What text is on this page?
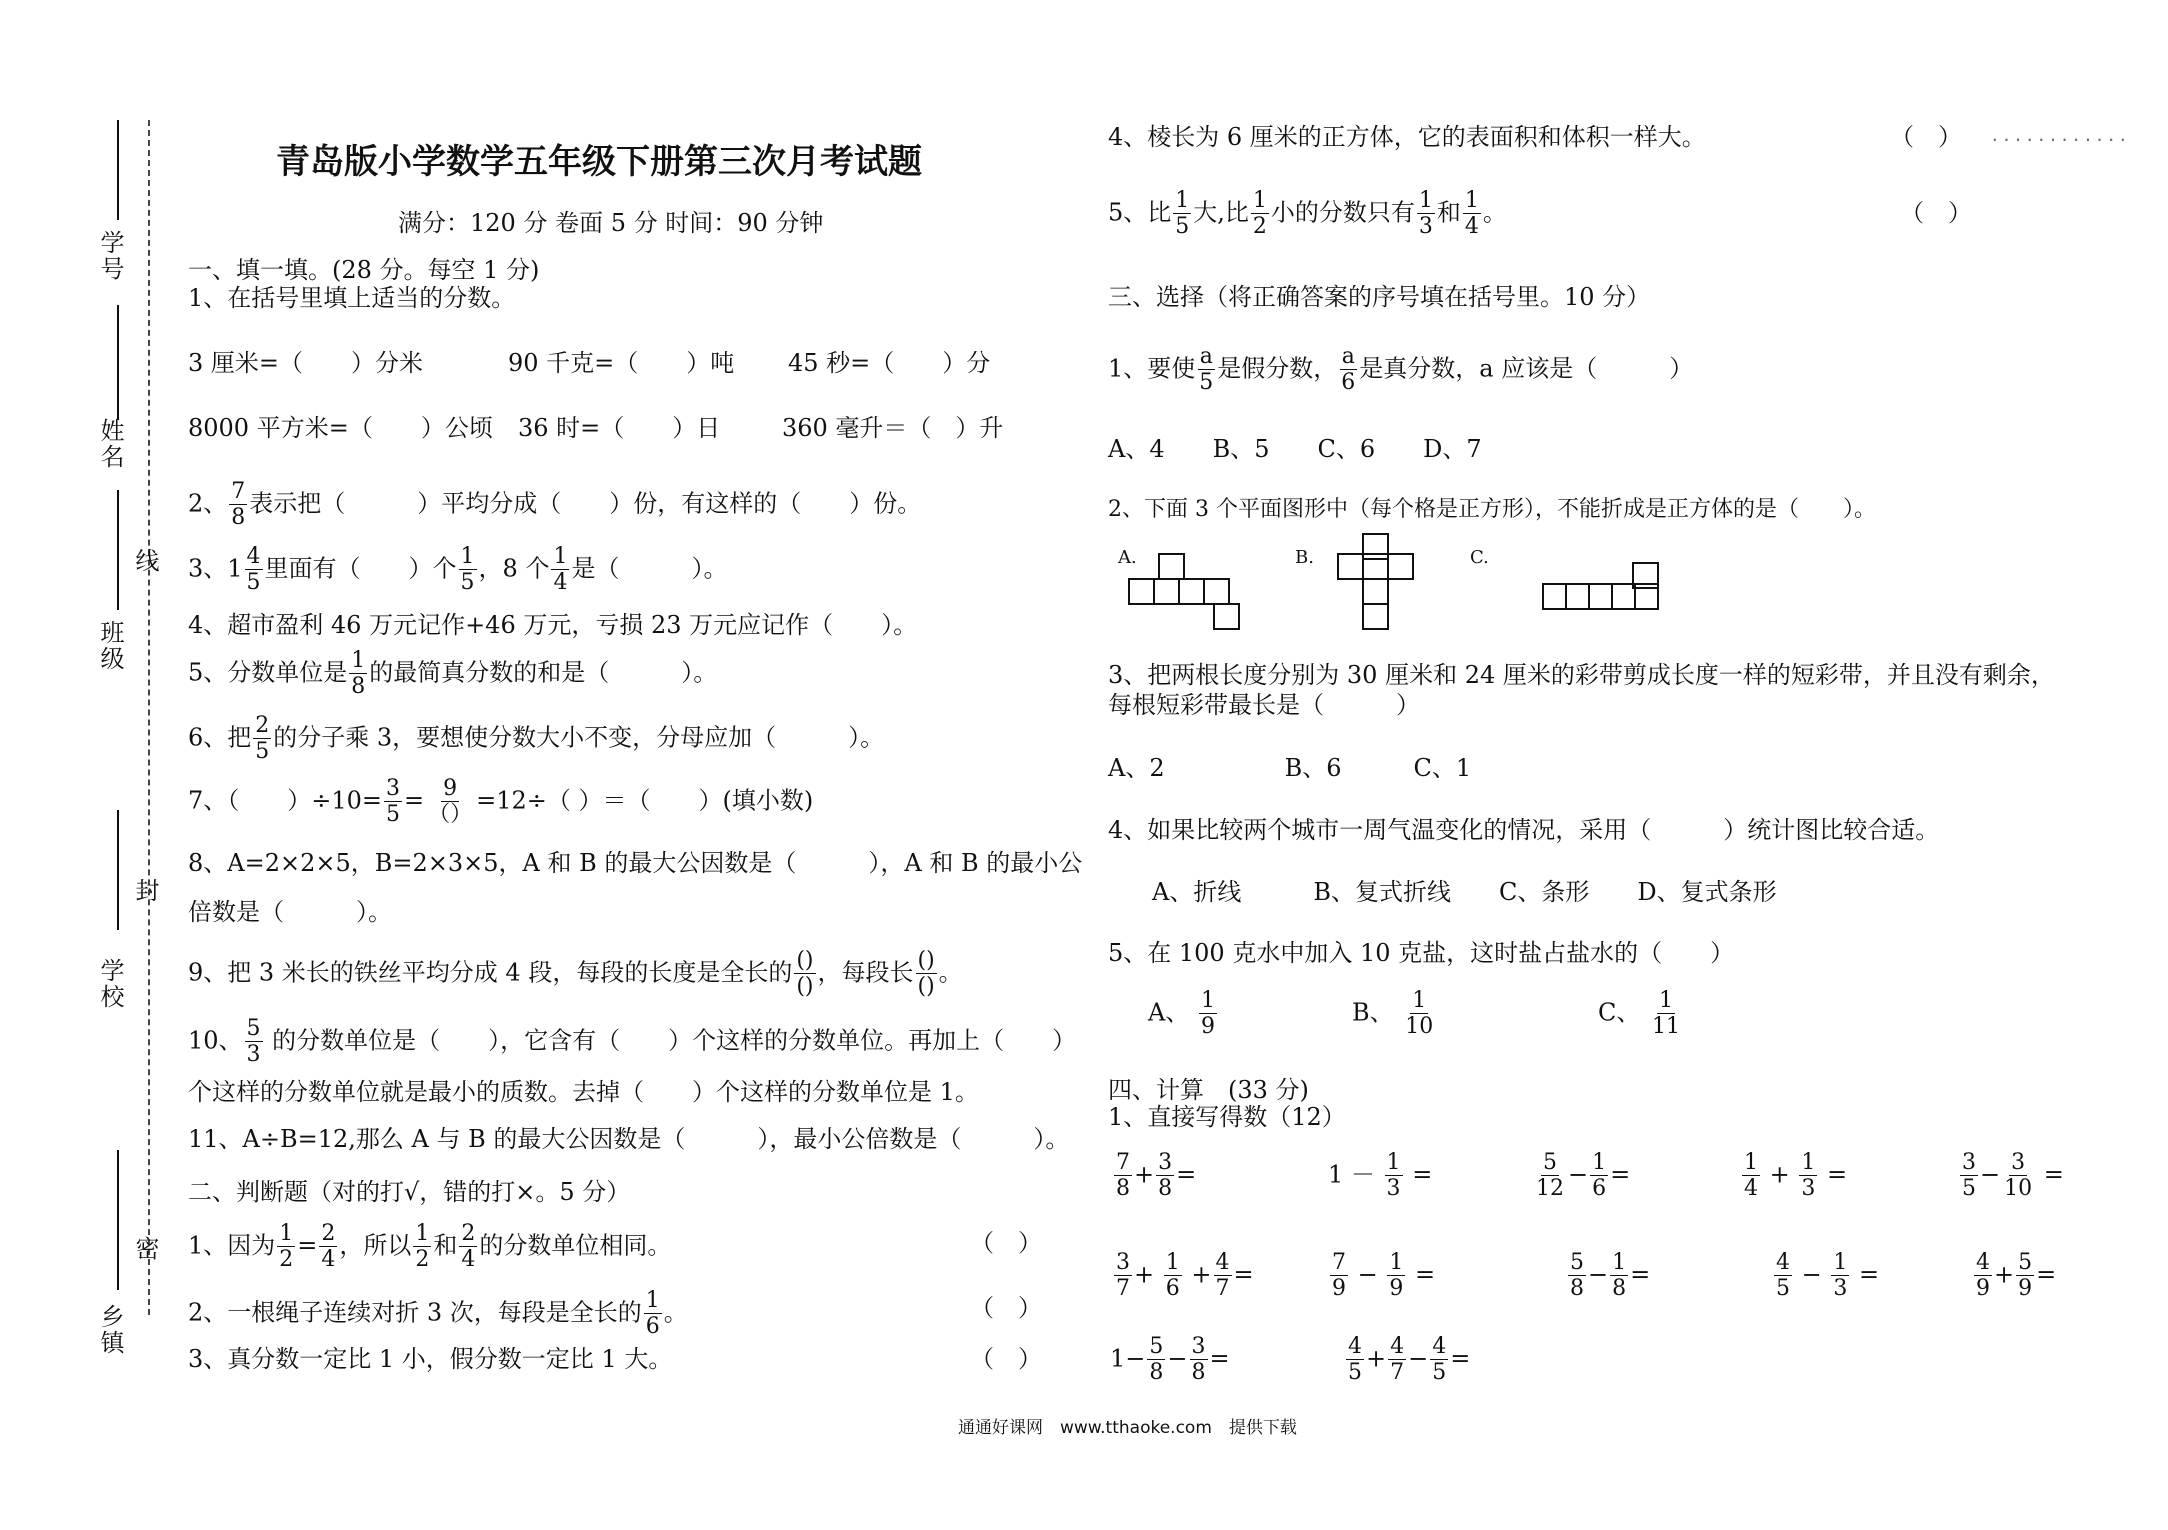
学号
姓名
线
班级
封
学校
密
乡镇
青岛版小学数学五年级下册第三次月考试题
满分：120 分 卷面 5 分 时间：90 分钟
一、填一填。(28 分。每空 1 分)
1、在括号里填上适当的分数。
3 厘米=（　　）分米	90 千克=（　　）吨 45 秒=（　　）分
8000 平方米=（　　）公顷 36 时=（　　）日	360 毫升＝（　）升
2、 $\frac{7}{8}$ 表示把（　　　）平均分成（　　）份，有这样的（　　）份。
3、$1 \frac{4}{5}$ 里面有（　　）个 $\frac{1}{5}$ ，8 个 $\frac{1}{4}$ 是（　　　）。
4、超市盈利 46 万元记作+46 万元，亏损 23 万元应记作（　　）。
5、分数单位是 $\frac{1}{8}$ 的最简真分数的和是（　　　）。
6、把 $\frac{2}{5}$ 的分子乘 3，要想使分数大小不变，分母应加（　　　）。
7、（　　）$\div 10= \frac{3}{5} = \frac{9}{()} =12\div$（ ）＝（　　）(填小数)
8、A=2×2×5，B=2×3×5，A 和 B 的最大公因数是（　　　），A 和 B 的最小公
倍数是（　　　）。
9、把 3 米长的铁丝平均分成 4 段，每段的长度是全长的 $\frac{()}{()}$ ，每段长 $\frac{()}{()}$ 。
10、 $\frac{5}{3}$ 的分数单位是（　　），它含有（　　）个这样的分数单位。再加上（　　）
个这样的分数单位就是最小的质数。去掉（　　）个这样的分数单位是 1。
11、A÷B=12,那么 A 与 B 的最大公因数是（　　　），最小公倍数是（　　　）。
二、判断题（对的打√，错的打×。5 分）
1、因为 $\frac{1}{2} = \frac{2}{4}$ ，所以 $\frac{1}{2}$ 和 $\frac{2}{4}$ 的分数单位相同。	（　）
2、一根绳子连续对折 3 次，每段是全长的 $\frac{1}{6}$ 。	（　）
3、真分数一定比 1 小，假分数一定比 1 大。	（　）
4、棱长为 6 厘米的正方体，它的表面积和体积一样大。	（　） ............
5、比 $\frac{1}{5}$ 大,比 $\frac{1}{2}$ 小的分数只有 $\frac{1}{3}$ 和 $\frac{1}{4}$ 。	（　）
三、选择（将正确答案的序号填在括号里。10 分）
1、要使 $\frac{a}{5}$ 是假分数， $\frac{a}{6}$ 是真分数，a 应该是（　　　）
A、4　　B、5　　C、6　　D、7
2、下面 3 个平面图形中（每个格是正方形），不能折成是正方体的是（　　）。
A.	B.	C.
3、把两根长度分别为 30 厘米和 24 厘米的彩带剪成长度一样的短彩带，并且没有剩余，
每根短彩带最长是（　　　）
A、2　　　　　B、6　　　C、1
4、如果比较两个城市一周气温变化的情况，采用（　　　）统计图比较合适。
A、折线　　　B、复式折线　　C、条形　　D、复式条形
5、在 100 克水中加入 10 克盐，这时盐占盐水的（　　）
A、 $\frac{1}{9}$	B、 $\frac{1}{10}$	C、 $\frac{1}{11}$
四、计算　(33 分)
1、直接写得数（12）
$\frac{7}{8} + \frac{3}{8}$ =	$1 - \frac{1}{3}$ =	$\frac{5}{12} - \frac{1}{6}$ =	$\frac{1}{4} + \frac{1}{3}$ =	$\frac{3}{5} - \frac{3}{10}$ =
$\frac{3}{7} + \frac{1}{6} + \frac{4}{7}$ =	$\frac{7}{9} - \frac{1}{9}$ =	$\frac{5}{8} - \frac{1}{8}$ =	$\frac{4}{5} - \frac{1}{3}$ =	$\frac{4}{9} + \frac{5}{9}$ =
$1- \frac{5}{8} - \frac{3}{8}$ =	$\frac{4}{5} + \frac{4}{7} - \frac{4}{5}$ =
通通好课网　www.tthaoke.com　提供下载
